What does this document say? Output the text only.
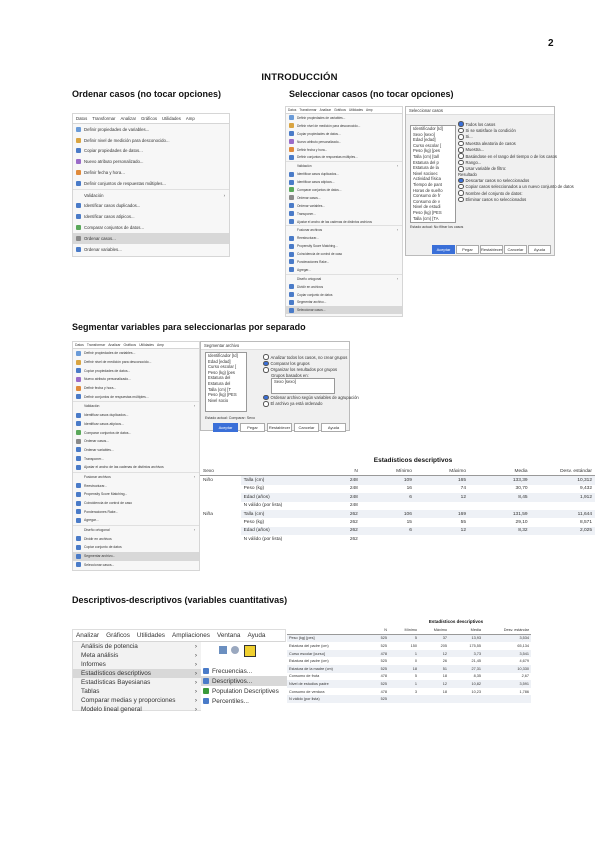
2
INTRODUCCIÓN
Ordenar casos (no tocar opciones)	Seleccionar casos (no tocar opciones)
Datos Transformar Analizar Gráficos Utilidades Amp
Definir propiedades de variables...
Definir nivel de medición para desconocido...
Copiar propiedades de datos...
Nuevo atributo personalizado...
Definir fecha y hora...
Definir conjuntos de respuestas múltiples...
Validación	›
Identificar casos duplicados...
Identificar casos atípicos...
Comparar conjuntos de datos...
Ordenar casos...
Ordenar variables...
Datos Transformar Analizar Gráficos Utilidades Amp
Definir propiedades de variables...
Definir nivel de medición para desconocido...
Copiar propiedades de datos...
Nuevo atributo personalizado...
Definir fecha y hora...
Definir conjuntos de respuestas múltiples...
Validación	›
Identificar casos duplicados...
Identificar casos atípicos...
Comparar conjuntos de datos...
Ordenar casos...
Ordenar variables...
Transponer...
Ajustar el ancho de las cadenas de distintos archivos
Fusionar archivos	›
Reestructurar...
Propensity Score Matching...
Coincidencia de control de caso
Ponderaciones Rake...
Agregar...
Diseño ortogonal	›
Dividir en archivos
Copiar conjunto de datos
Segmentar archivo...
Seleccionar casos...
Seleccionar casos
Identificador [Id]
Sexo [sexo]
Edad [edad]
Curso escolar [
Peso (kg) [pes
Talla (cm) [tall
Estatura del p
Estatura de la
Nivel socioec
Actividad física
Tiempo de pant
Horas de sueño
Consumo de fr
Consumo de v
Nivel de estudi
Peso (kg) [PES
Talla (cm) [TA
Todos los casos
Si se satisface la condición
Si...
Muestra aleatoria de casos
Muestra...
Basándose en el rango del tiempo o de los casos
Rango...
Usar variable de filtro:
Resultado
Descartar casos no seleccionados
Copiar casos seleccionados a un nuevo conjunto de datos
Nombre del conjunto de datos:
Eliminar casos no seleccionados
Estado actual: No filtrar los casos
Aceptar	Pegar	Restablecer	Cancelar	Ayuda
Segmentar variables para seleccionarlas por separado
Datos Transformar Analizar Gráficos Utilidades Amp
Definir propiedades de variables...
Definir nivel de medición para desconocido...
Copiar propiedades de datos...
Nuevo atributo personalizado...
Definir fecha y hora...
Definir conjuntos de respuestas múltiples...
Validación	›
Identificar casos duplicados...
Identificar casos atípicos...
Comparar conjuntos de datos...
Ordenar casos...
Ordenar variables...
Transponer...
Ajustar el ancho de las cadenas de distintos archivos
Fusionar archivos	›
Reestructurar...
Propensity Score Matching...
Coincidencia de control de caso
Ponderaciones Rake...
Agregar...
Diseño ortogonal	›
Dividir en archivos
Copiar conjunto de datos
Segmentar archivo...
Seleccionar casos...
Segmentar archivo
Identificador [Id]
Edad [edad]
Curso escolar [
Peso (kg) [pes
Estatura del
Estatura del
Talla (cm) [T
Peso (kg) [PES
Nivel socio
Analizar todos los casos, no crear grupos
Comparar los grupos
Organizar los resultados por grupos
Grupos basados en:
Sexo [sexo]
Ordenar archivo según variables de agrupación
El archivo ya está ordenado
Estado actual: Comparar: Sexo
Aceptar	Pegar	Restablecer	Cancelar	Ayuda
Estadísticos descriptivos
Sexo		N	Mínimo	Máximo	Media	Desv. estándar
Niño	Talla (cm)	248	109	165	133,39	10,312
	Peso (kg)	248	16	74	30,70	9,432
	Edad (años)	248	6	12	8,45	1,912
	N válido (por lista)	248				
Niña	Talla (cm)	262	106	169	131,59	11,644
	Peso (kg)	262	15	55	29,10	8,571
	Edad (años)	262	6	12	8,32	2,025
	N válido (por lista)	262				
Descriptivos-descriptivos (variables cuantitativas)
Analizar Gráficos Utilidades Ampliaciones Ventana Ayuda
Análisis de potencia	›
Meta análisis	›
Informes	›
Estadísticos descriptivos	›
Estadísticas Bayesianas	›
Tablas	›
Comparar medias y proporciones	›
Modelo lineal general	›
Frecuencias...
Descriptivos...
Population Descriptives
Percentiles...
Estadísticos descriptivos
	N	Mínimo	Máximo	Media	Desv. estándar
Peso (kg) [pes]	525	5	37	13,93	3,534
Estatura del padre (cm)	525	150	205	175,55	65,134
Curso escolar [curso]	478	1	12	3,73	3,541
Estatura del padre (cm)	525	0	26	21,45	4,679
Estatura de la madre (cm)	525	18	51	27,31	10,330
Consumo de fruta	478	5	18	8,35	2,67
Nivel de estudios padre	525	1	12	10,82	3,591
Consumo de verdura	478	3	18	10,23	1,786
N válido (por lista)	525				
